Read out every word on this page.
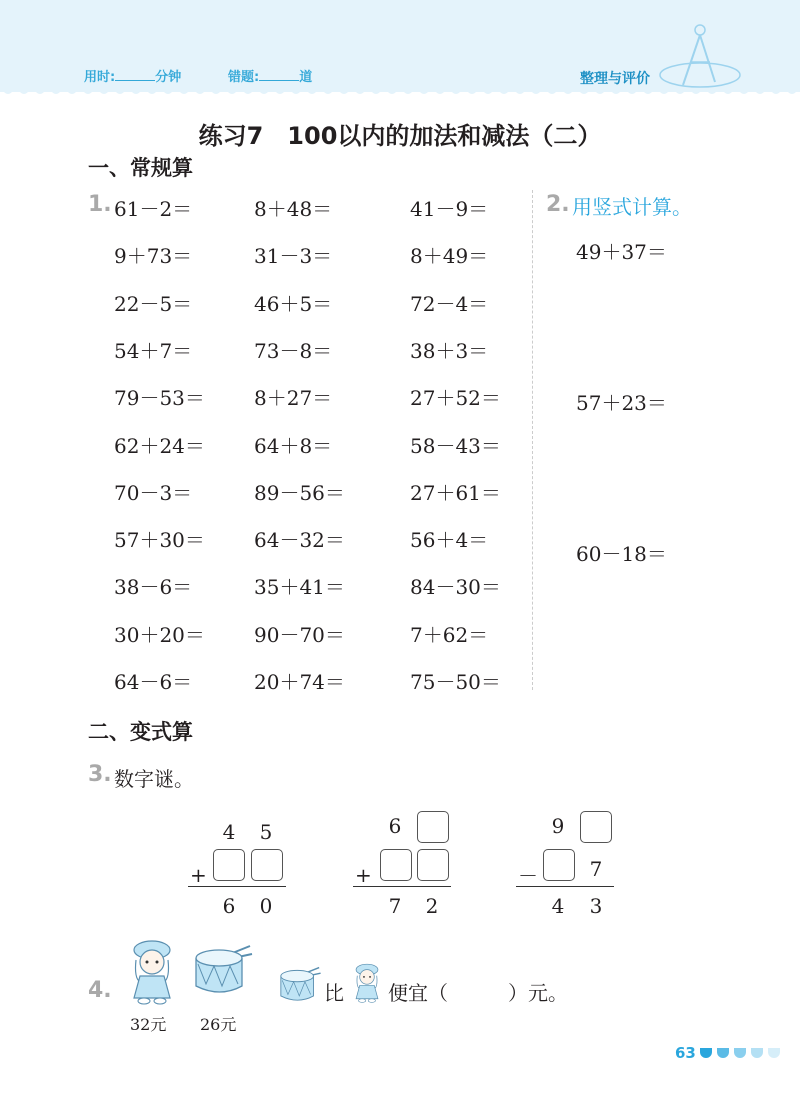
用时:	分钟	错题:	道	整理与评价
练习7　100以内的加法和减法（二）
一、常规算
1. 61－2＝	8＋48＝	41－9＝
9＋73＝	31－3＝	8＋49＝
22－5＝	46＋5＝	72－4＝
54＋7＝	73－8＝	38＋3＝
79－53＝ 8＋27＝	27＋52＝
62＋24＝ 64＋8＝	58－43＝
70－3＝	89－56＝	27＋61＝
57＋30＝ 64－32＝	56＋4＝
38－6＝	35＋41＝	84－30＝
30＋20＝ 90－70＝	7＋62＝
64－6＝	20＋74＝	75－50＝
2. 用竖式计算。
49＋37＝
57＋23＝
60－18＝
二、变式算
3. 数字谜。
4	5
+
6	0
6
+
7	2
9
－	7
4	3
4.
32元 26元
比 便宜（　　　）元。
63
